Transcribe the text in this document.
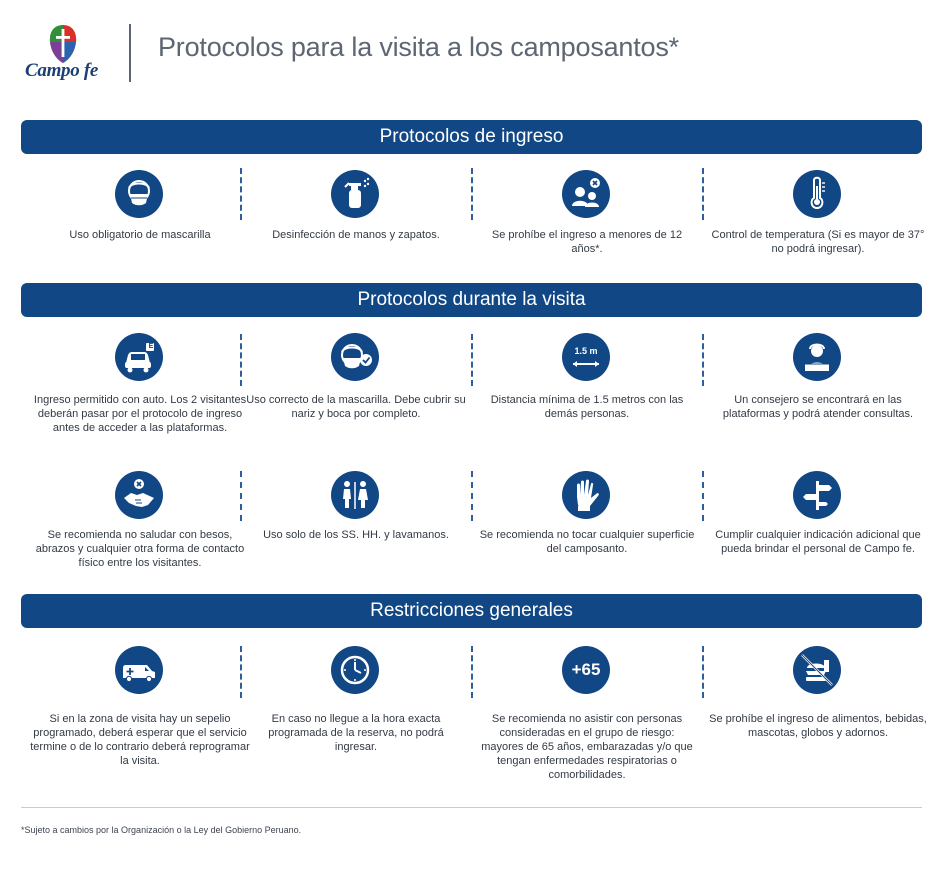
Campo fe
Protocolos para la visita a los camposantos*
Protocolos de ingreso
Uso obligatorio de mascarilla	Desinfección de manos y zapatos.	Se prohíbe el ingreso a menores de 12 años*.
Control de temperatura (Si es mayor de 37° no podrá ingresar).
Protocolos durante la visita
E
Ingreso permitido con auto. Los 2 visitantes deberán pasar por el protocolo de ingreso antes de acceder a las plataformas.
Uso correcto de la mascarilla. Debe cubrir su nariz y boca por completo.
1.5 m
Distancia mínima de 1.5 metros con las demás personas.
Un consejero se encontrará en las plataformas y podrá atender consultas.
Se recomienda no saludar con besos, abrazos y cualquier otra forma de contacto físico entre los visitantes.
Uso solo de los SS. HH. y lavamanos.	Se recomienda no tocar cualquier superficie del camposanto.
Cumplir cualquier indicación adicional que pueda brindar el personal de Campo fe.
Restricciones generales
Si en la zona de visita hay un sepelio programado, deberá esperar que el servicio termine o de lo contrario deberá reprogramar la visita.
En caso no llegue a la hora exacta programada de la reserva, no podrá ingresar.
+65
Se recomienda no asistir con personas consideradas en el grupo de riesgo: mayores de 65 años, embarazadas y/o que tengan enfermedades respiratorias o comorbilidades.
Se prohíbe el ingreso de alimentos, bebidas, mascotas, globos y adornos.
*Sujeto a cambios por la Organización o la Ley del Gobierno Peruano.
